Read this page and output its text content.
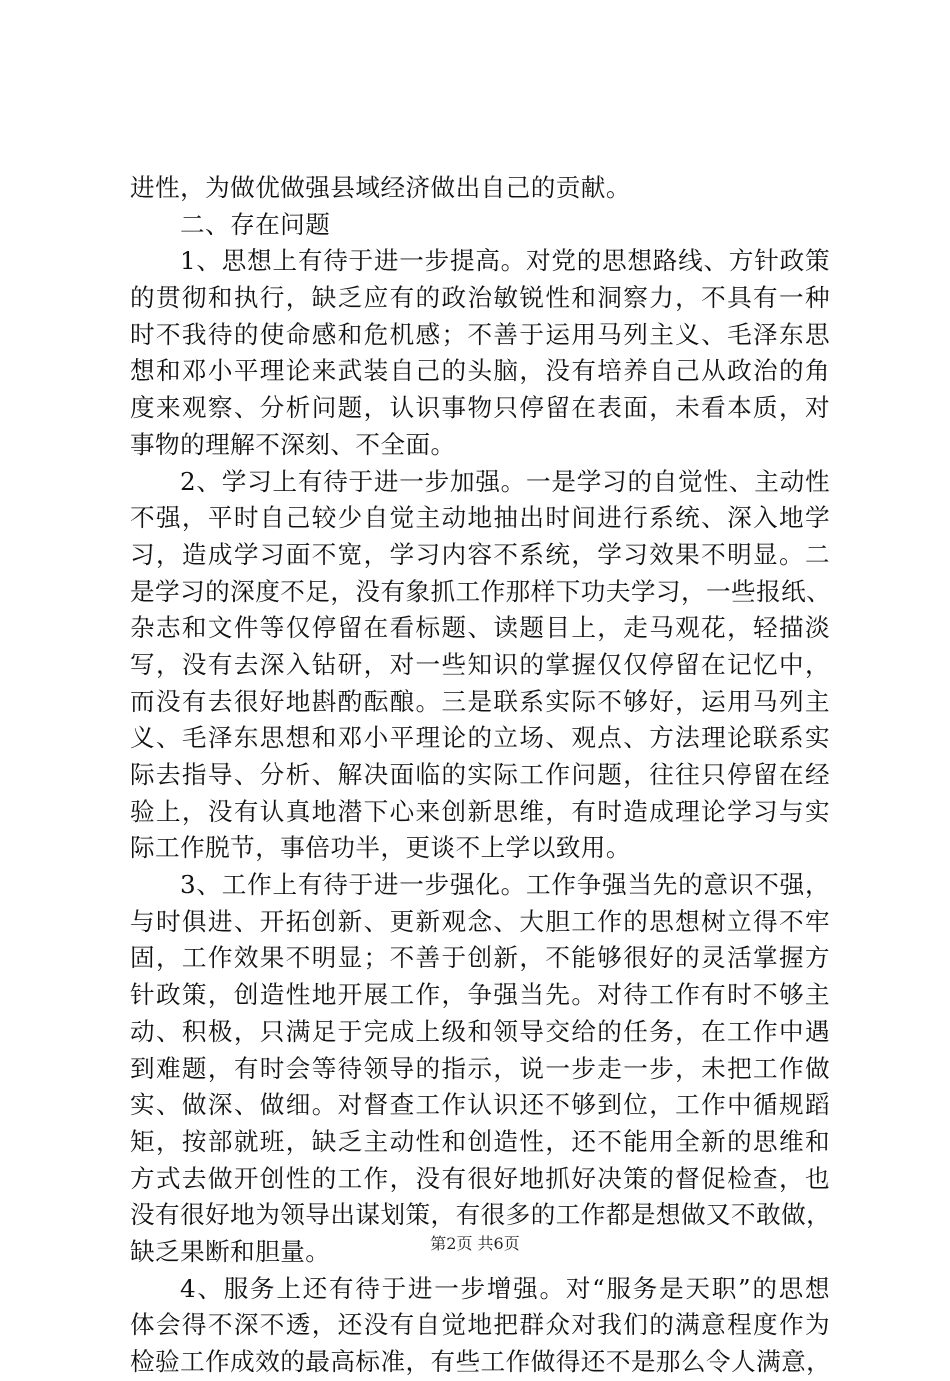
进性，为做优做强县域经济做出自己的贡献。
二、存在问题
1、思想上有待于进一步提高。对党的思想路线、方针政策
的贯彻和执行，缺乏应有的政治敏锐性和洞察力，不具有一种
时不我待的使命感和危机感；不善于运用马列主义、毛泽东思
想和邓小平理论来武装自己的头脑，没有培养自己从政治的角
度来观察、分析问题，认识事物只停留在表面，未看本质，对
事物的理解不深刻、不全面。
2、学习上有待于进一步加强。一是学习的自觉性、主动性
不强，平时自己较少自觉主动地抽出时间进行系统、深入地学
习，造成学习面不宽，学习内容不系统，学习效果不明显。二
是学习的深度不足，没有象抓工作那样下功夫学习，一些报纸、
杂志和文件等仅停留在看标题、读题目上，走马观花，轻描淡
写，没有去深入钻研，对一些知识的掌握仅仅停留在记忆中，
而没有去很好地斟酌酝酿。三是联系实际不够好，运用马列主
义、毛泽东思想和邓小平理论的立场、观点、方法理论联系实
际去指导、分析、解决面临的实际工作问题，往往只停留在经
验上，没有认真地潜下心来创新思维，有时造成理论学习与实
际工作脱节，事倍功半，更谈不上学以致用。
3、工作上有待于进一步强化。工作争强当先的意识不强，
与时俱进、开拓创新、更新观念、大胆工作的思想树立得不牢
固，工作效果不明显；不善于创新，不能够很好的灵活掌握方
针政策，创造性地开展工作，争强当先。对待工作有时不够主
动、积极，只满足于完成上级和领导交给的任务，在工作中遇
到难题，有时会等待领导的指示，说一步走一步，未把工作做
实、做深、做细。对督查工作认识还不够到位，工作中循规蹈
矩，按部就班，缺乏主动性和创造性，还不能用全新的思维和
方式去做开创性的工作，没有很好地抓好决策的督促检查，也
没有很好地为领导出谋划策，有很多的工作都是想做又不敢做，
缺乏果断和胆量。
4、服务上还有待于进一步增强。对“服务是天职”的思想
体会得不深不透，还没有自觉地把群众对我们的满意程度作为
检验工作成效的最高标准，有些工作做得还不是那么令人满意，
第2页 共6页
